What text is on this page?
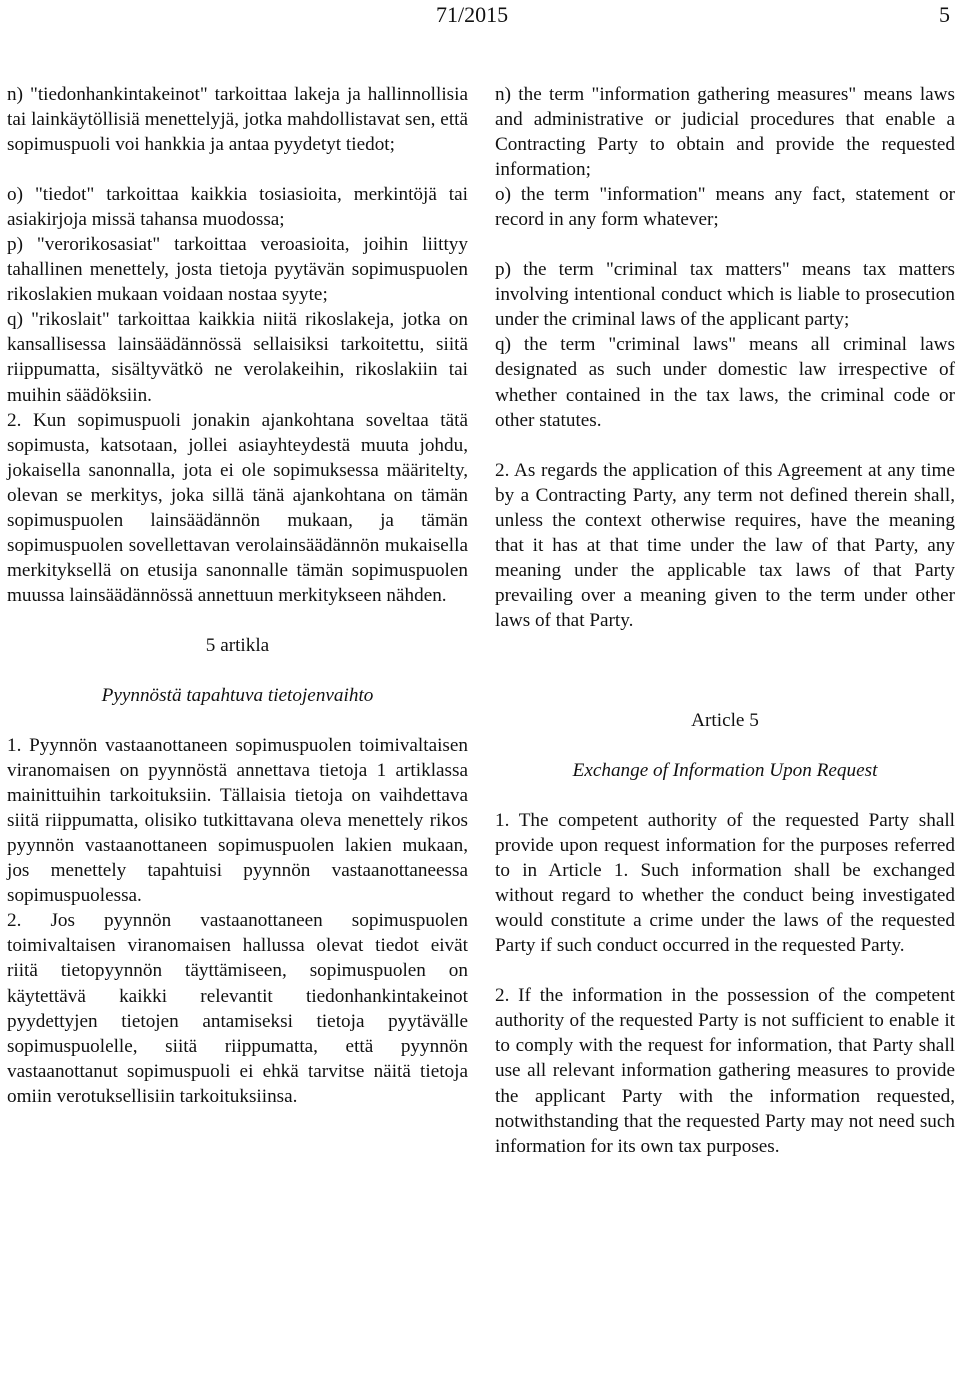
71/2015	5

n) "tiedonhankintakeinot" tarkoittaa lakeja ja hallinnollisia tai lainkäytöllisiä menettelyjä, jotka mahdollistavat sen, että sopimuspuoli voi hankkia ja antaa pyydetyt tiedot;

o) "tiedot" tarkoittaa kaikkia tosiasioita, merkintöjä tai asiakirjoja missä tahansa muodossa;

p) "verorikosasiat" tarkoittaa veroasioita, joihin liittyy tahallinen menettely, josta tietoja pyytävän sopimuspuolen rikoslakien mukaan voidaan nostaa syyte;

q) "rikoslait" tarkoittaa kaikkia niitä rikoslakeja, jotka on kansallisessa lainsäädännössä sellaisiksi tarkoitettu, siitä riippumatta, sisältyvätkö ne verolakeihin, rikoslakiin tai muihin säädöksiin.

2. Kun sopimuspuoli jonakin ajankohtana soveltaa tätä sopimusta, katsotaan, jollei asiayhteydestä muuta johdu, jokaisella sanonnalla, jota ei ole sopimuksessa määritelty, olevan se merkitys, joka sillä tänä ajankohtana on tämän sopimuspuolen lainsäädännön mukaan, ja tämän sopimuspuolen sovellettavan verolainsäädännön mukaisella merkityksellä on etusija sanonnalle tämän sopimuspuolen muussa lainsäädännössä annettuun merkitykseen nähden.

5 artikla

Pyynnöstä tapahtuva tietojenvaihto

1. Pyynnön vastaanottaneen sopimuspuolen toimivaltaisen viranomaisen on pyynnöstä annettava tietoja 1 artiklassa mainittuihin tarkoituksiin. Tällaisia tietoja on vaihdettava siitä riippumatta, olisiko tutkittavana oleva menettely rikos pyynnön vastaanottaneen sopimuspuolen lakien mukaan, jos menettely tapahtuisi pyynnön vastaanottaneessa sopimuspuolessa.

2. Jos pyynnön vastaanottaneen sopimuspuolen toimivaltaisen viranomaisen hallussa olevat tiedot eivät riitä tietopyynnön täyttämiseen, sopimuspuolen on käytettävä kaikki relevantit tiedonhankintakeinot pyydettyjen tietojen antamiseksi tietoja pyytävälle sopimuspuolelle, siitä riippumatta, että pyynnön vastaanottanut sopimuspuoli ei ehkä tarvitse näitä tietoja omiin verotuksellisiin tarkoituksiinsa.

n) the term "information gathering measures" means laws and administrative or judicial procedures that enable a Contracting Party to obtain and provide the requested information;

o) the term "information" means any fact, statement or record in any form whatever;

p) the term "criminal tax matters" means tax matters involving intentional conduct which is liable to prosecution under the criminal laws of the applicant party;

q) the term "criminal laws" means all criminal laws designated as such under domestic law irrespective of whether contained in the tax laws, the criminal code or other statutes.

2. As regards the application of this Agreement at any time by a Contracting Party, any term not defined therein shall, unless the context otherwise requires, have the meaning that it has at that time under the law of that Party, any meaning under the applicable tax laws of that Party prevailing over a meaning given to the term under other laws of that Party.

Article 5

Exchange of Information Upon Request

1. The competent authority of the requested Party shall provide upon request information for the purposes referred to in Article 1. Such information shall be exchanged without regard to whether the conduct being investigated would constitute a crime under the laws of the requested Party if such conduct occurred in the requested Party.

2. If the information in the possession of the competent authority of the requested Party is not sufficient to enable it to comply with the request for information, that Party shall use all relevant information gathering measures to provide the applicant Party with the information requested, notwithstanding that the requested Party may not need such information for its own tax purposes.
